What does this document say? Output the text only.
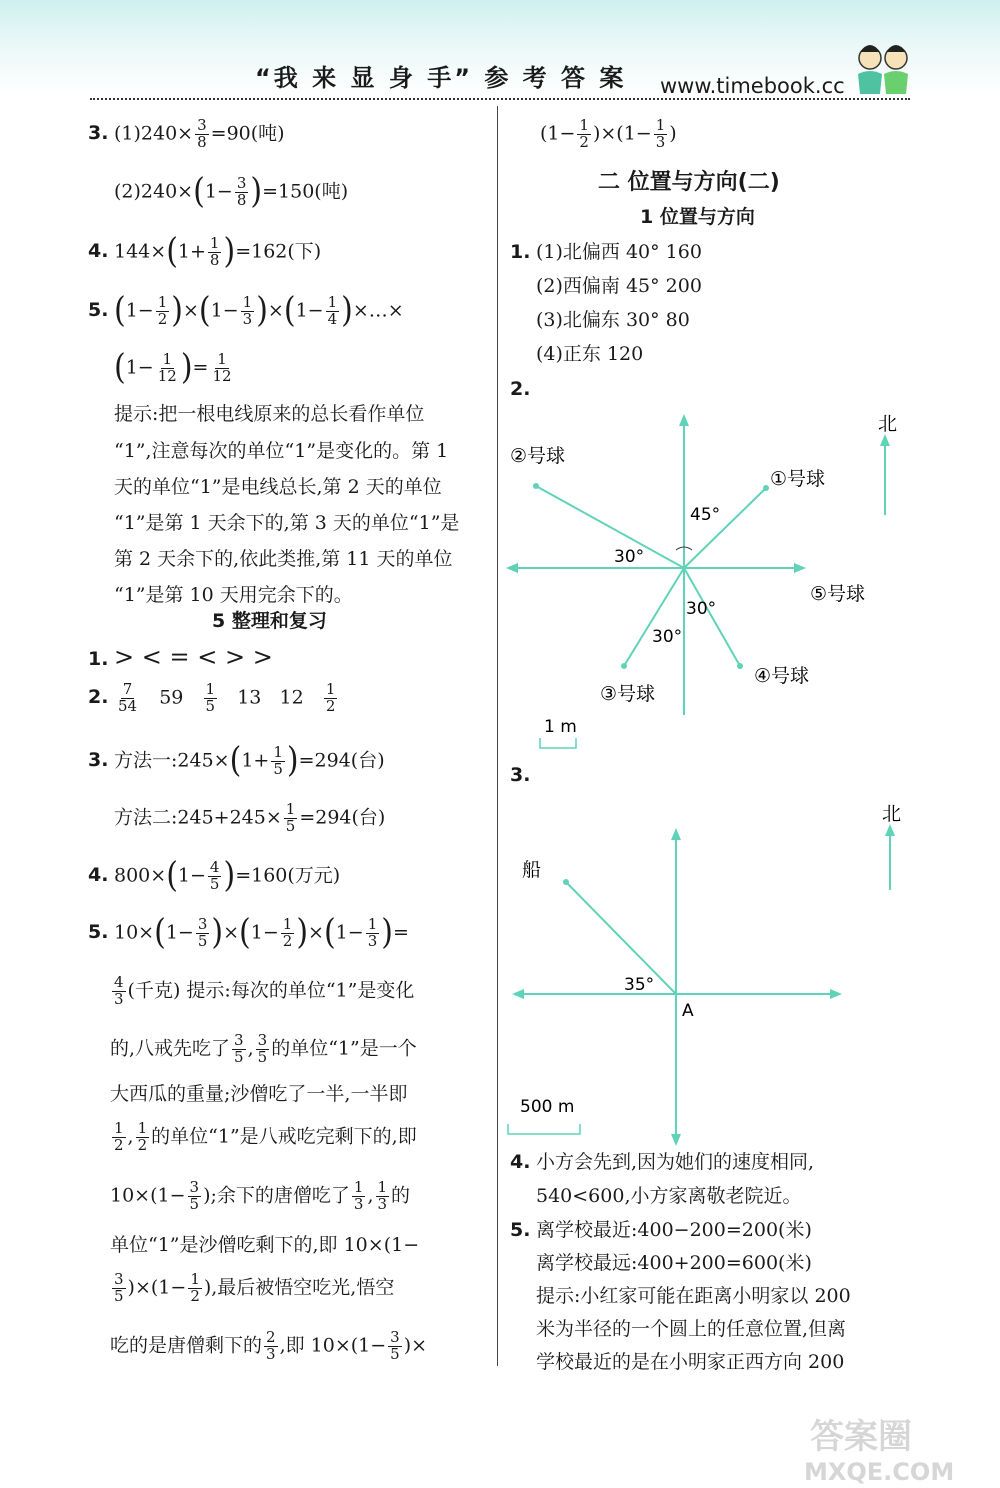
“我 来 显 身 手” 参 考 答 案 www.timebook.cc
3. $(1)240\times \frac{3}{8} =90$(吨)
$(2)240\times(1- \frac{3}{8} )=150$(吨)
4. $144\times(1+ \frac{1}{8} )=162$(下)
5. $(1- \frac{1}{2} )\times(1- \frac{1}{3} )\times(1- \frac{1}{4}$ )×…×
($1- \frac{1}{12}$ )= $\frac{1}{12}$
提示:把一根电线原来的总长看作单位
“1”,注意每次的单位“1”是变化的。第 1
天的单位“1”是电线总长,第 2 天的单位
“1”是第 1 天余下的,第 3 天的单位“1”是
第 2 天余下的,依此类推,第 11 天的单位
“1”是第 10 天用完余下的。
5 整理和复习
1. > < = < > >
2. $\frac{7}{54} 59 \frac{1}{5} 13$ $12 \frac{1}{2}$
3. 方法一:245×(1+ $\frac{1}{5} )=294$(台)
方法二:245+245× $\frac{1}{5} =294$(台)
4. $800\times(1- \frac{4}{5} )=160$(万元)
5. $10\times(1- \frac{3}{5} )\times(1- \frac{1}{2} )\times(1- \frac{1}{3}$ )=
$\frac{4}{3}$ (千克) 提示:每次的单位“1”是变化
的,八戒先吃了 $\frac{3}{5}$ , $\frac{3}{5}$ 的单位“1”是一个
大西瓜的重量;沙僧吃了一半,一半即
$\frac{1}{2}$ , $\frac{1}{2}$ 的单位“1”是八戒吃完剩下的,即
$10\times(1- \frac{3}{5}$ );余下的唐僧吃了 $\frac{1}{3}$ , $\frac{1}{3}$ 的
单位“1”是沙僧吃剩下的,即 10×(1−
$\frac{3}{5} )\times(1- \frac{1}{2}$ ),最后被悟空吃光,悟空
吃的是唐僧剩下的 $\frac{2}{3}$ ,即 $10\times(1- \frac{3}{5}$ )×
$(1- \frac{1}{2} )\times(1- \frac{1}{3}$ )
二 位置与方向(二)
1 位置与方向
1. (1)北偏西 40° 160
(2)西偏南 45° 200
(3)北偏东 30° 80
(4)正东 120
2.
北
②号球
①号球
⑤号球
④号球
③号球
45°
30°
30°
30°
1 m
3.
北
船
35°
A
500 m
4. 小方会先到,因为她们的速度相同,
540<600,小方家离敬老院近。
5. 离学校最近:400−200=200(米)
离学校最远:400+200=600(米)
提示:小红家可能在距离小明家以 200
米为半径的一个圆上的任意位置,但离
学校最近的是在小明家正西方向 200
答案圈
MXQE.COM
